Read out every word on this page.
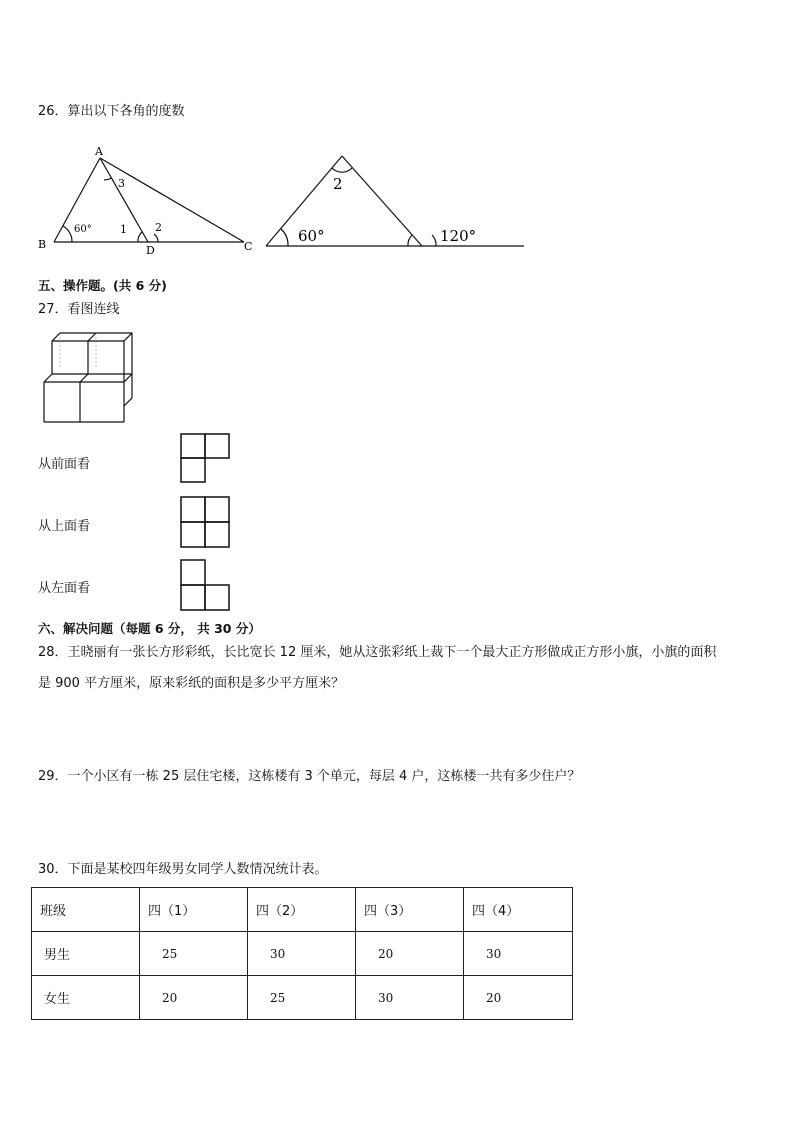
26．算出以下各角的度数
A
B	C
D
60°	1	2
3	2
60°	120°
五、操作题。(共 6 分)
27．看图连线
从前面看
从上面看
从左面看
六、解决问题（每题 6 分， 共 30 分）
28．王晓丽有一张长方形彩纸，长比宽长 12 厘米，她从这张彩纸上裁下一个最大正方形做成正方形小旗，小旗的面积
是 900 平方厘米，原来彩纸的面积是多少平方厘米？
29．一个小区有一栋 25 层住宅楼，这栋楼有 3 个单元，每层 4 户，这栋楼一共有多少住户？
30．下面是某校四年级男女同学人数情况统计表。
班级	四（1）	四（2）	四（3）	四（4）
男生	25	30	20	30
女生	20	25	30	20
